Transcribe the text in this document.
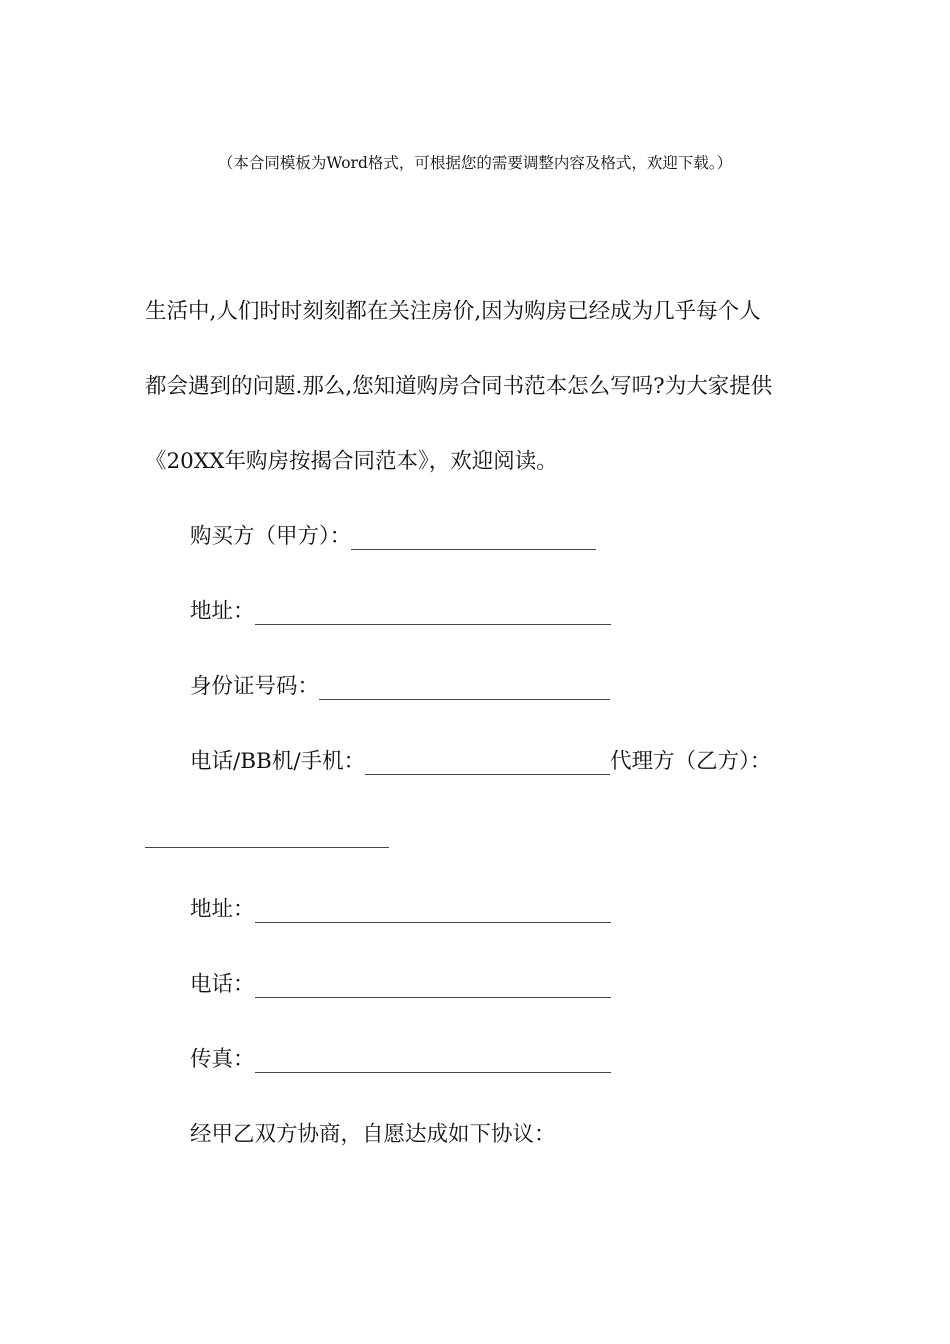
（本合同模板为Word格式，可根据您的需要调整内容及格式，欢迎下载。）
生活中,人们时时刻刻都在关注房价,因为购房已经成为几乎每个人
都会遇到的问题.那么,您知道购房合同书范本怎么写吗?为大家提供
《20XX年购房按揭合同范本》，欢迎阅读。
购买方（甲方）：
地址：
身份证号码：
电话/BB机/手机：	代理方（乙方）：
地址：
电话：
传真：
经甲乙双方协商，自愿达成如下协议：
